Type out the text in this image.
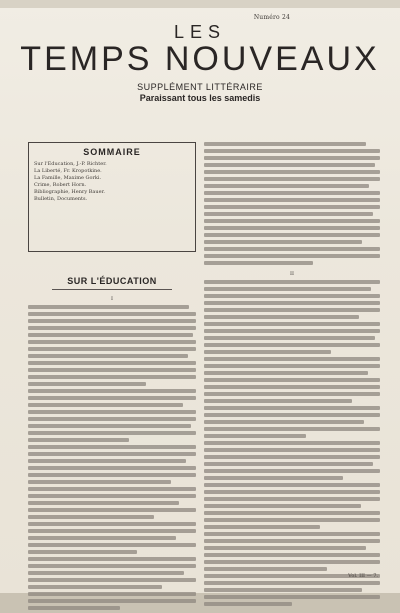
Numéro 24
LES
TEMPS NOUVEAUX
SUPPLÉMENT LITTÉRAIRE
Paraissant tous les samedis
SOMMAIRE
Sur l'Éducation, J.-P. Richter.
La Liberté, Fr. Kropotkine.
La Famille, Maxime Gorki.
Crime, Robert Horn.
Bibliographie, Henry Bauer.
Bulletin, Documents.
SUR L'ÉDUCATION
I
II
Vol. III — 7.
